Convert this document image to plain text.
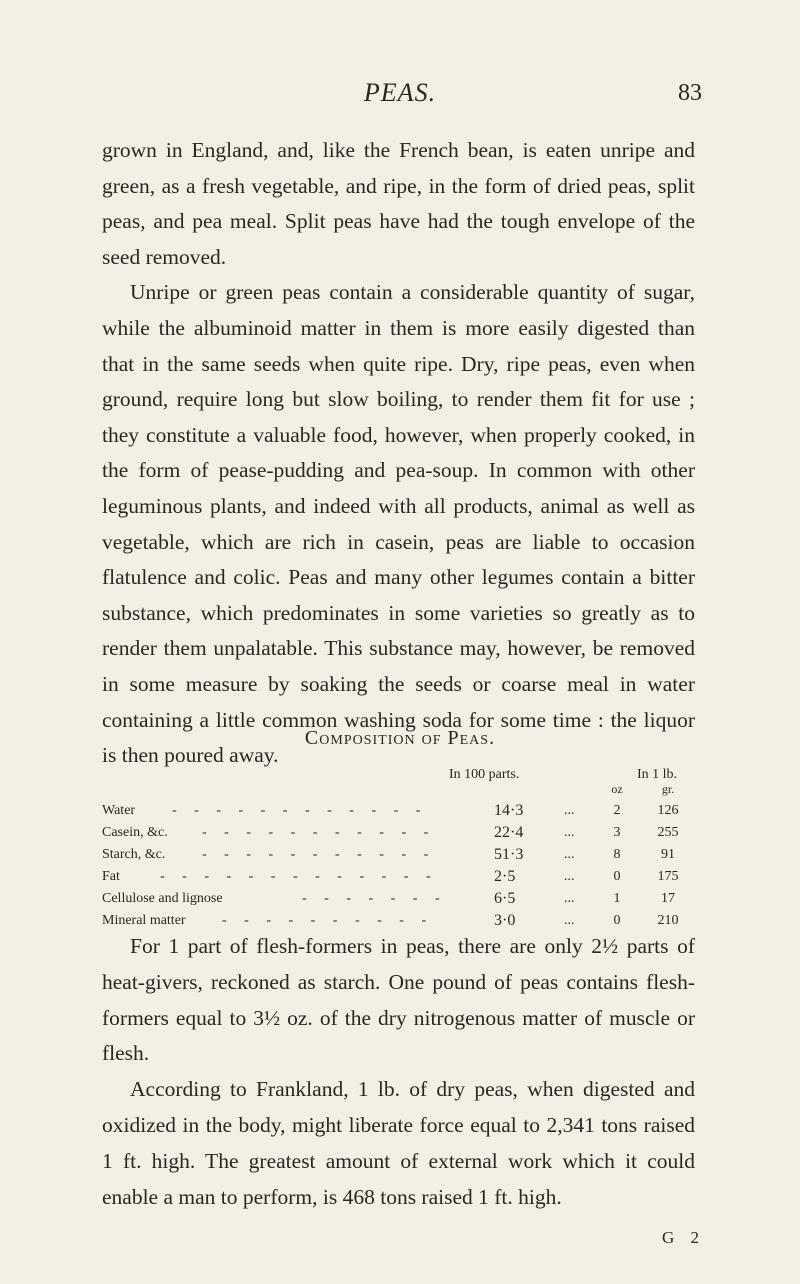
PEAS.	83

grown in England, and, like the French bean, is eaten unripe and green, as a fresh vegetable, and ripe, in the form of dried peas, split peas, and pea meal. Split peas have had the tough envelope of the seed removed.

Unripe or green peas contain a considerable quantity of sugar, while the albuminoid matter in them is more easily digested than that in the same seeds when quite ripe. Dry, ripe peas, even when ground, require long but slow boiling, to render them fit for use ; they constitute a valuable food, however, when properly cooked, in the form of pease-pudding and pea-soup. In common with other leguminous plants, and indeed with all products, animal as well as vegetable, which are rich in casein, peas are liable to occasion flatulence and colic. Peas and many other legumes contain a bitter substance, which predominates in some varieties so greatly as to render them unpalatable. This substance may, however, be removed in some measure by soaking the seeds or coarse meal in water containing a little common washing soda for some time : the liquor is then poured away.

Composition of Peas.
In 100 parts.	In 1 lb.
oz	gr.
Water	- - - - - - - - - - - -	14·3	...	2	126
Casein, &c. - - - - - - - - - - -	22·4	...	3	255
Starch, &c.	- - - - - - - - - - -	51·3	...	8	91
Fat	- - - - - - - - - - - - -	2·5	...	0	175
Cellulose and lignose	- - - - - - -	6·5	...	1	17
Mineral matter	- - - - - - - - - -	3·0	...	0	210

For 1 part of flesh-formers in peas, there are only 2½ parts of heat-givers, reckoned as starch. One pound of peas contains flesh-formers equal to 3½ oz. of the dry nitrogenous matter of muscle or flesh.

According to Frankland, 1 lb. of dry peas, when digested and oxidized in the body, might liberate force equal to 2,341 tons raised 1 ft. high. The greatest amount of external work which it could enable a man to perform, is 468 tons raised 1 ft. high.

G 2
